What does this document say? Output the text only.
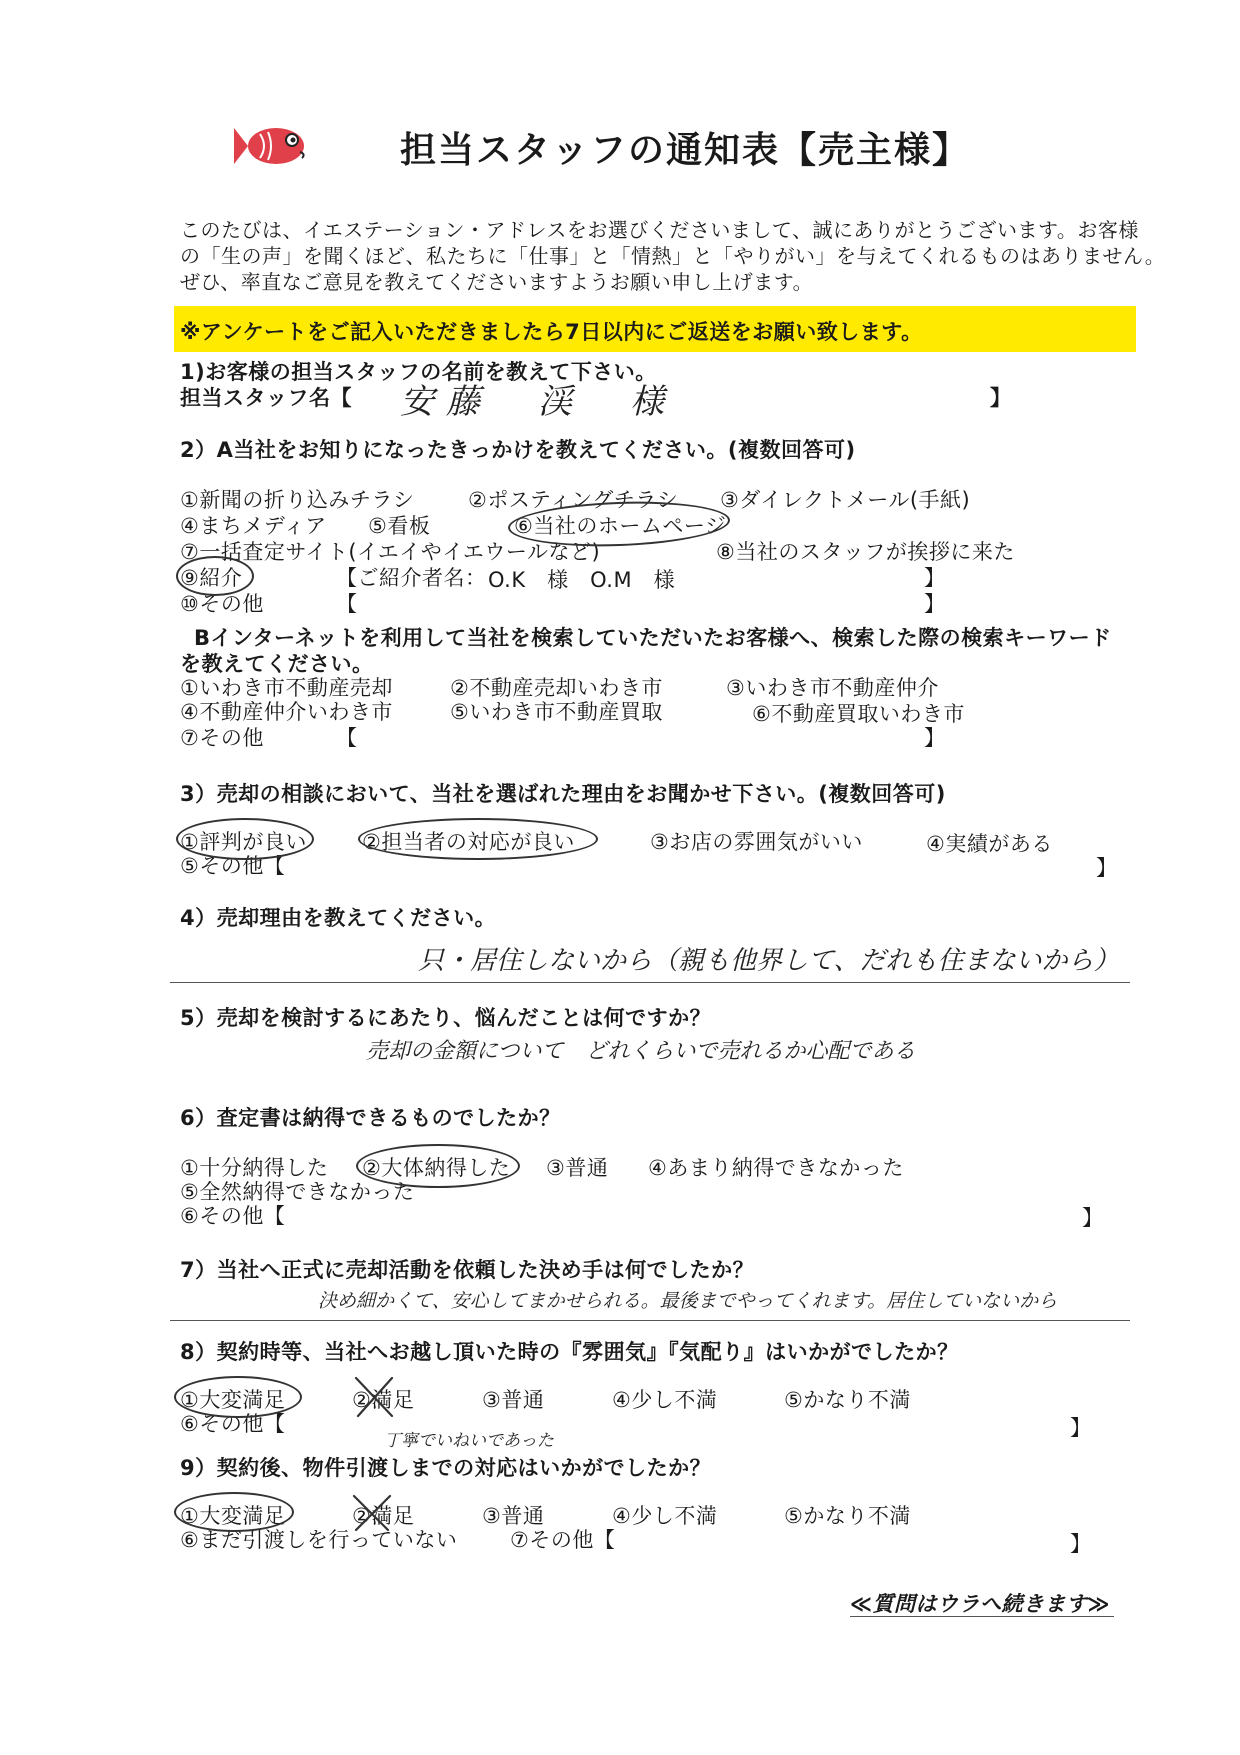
担当スタッフの通知表【売主様】
このたびは、イエステーション・アドレスをお選びくださいまして、誠にありがとうございます。お客様
の「生の声」を聞くほど、私たちに「仕事」と「情熱」と「やりがい」を与えてくれるものはありません。
ぜひ、率直なご意見を教えてくださいますようお願い申し上げます。
※アンケートをご記入いただきましたら7日以内にご返送をお願い致します。
1)お客様の担当スタッフの名前を教えて下さい。
担当スタッフ名【 安藤　渓　様	】
2）A当社をお知りになったきっかけを教えてください。(複数回答可)
①新聞の折り込みチラシ	②ポスティングチラシ ③ダイレクトメール(手紙)
④まちメディア ⑤看板	⑥当社のホームページ
⑦一括査定サイト(イエイやイエウールなど)	⑧当社のスタッフが挨拶に来た
⑨紹介	【ご紹介者名： O.K　様　O.M　様	】
⑩その他	【	】
Bインターネットを利用して当社を検索していただいたお客様へ、検索した際の検索キーワード
を教えてください。
①いわき市不動産売却	②不動産売却いわき市	③いわき市不動産仲介
④不動産仲介いわき市	⑤いわき市不動産買取	⑥不動産買取いわき市
⑦その他	【	】
3）売却の相談において、当社を選ばれた理由をお聞かせ下さい。(複数回答可)
①評判が良い	②担当者の対応が良い	③お店の雰囲気がいい	④実績がある
⑤その他【	】
4）売却理由を教えてください。
只・居住しないから（親も他界して、だれも住まないから）
5）売却を検討するにあたり、悩んだことは何ですか？
売却の金額について　どれくらいで売れるか心配である
6）査定書は納得できるものでしたか？
①十分納得した ②大体納得した ③普通 ④あまり納得できなかった
⑤全然納得できなかった
⑥その他【	】
7）当社へ正式に売却活動を依頼した決め手は何でしたか？
決め細かくて、安心してまかせられる。最後までやってくれます。居住していないから
8）契約時等、当社へお越し頂いた時の『雰囲気』『気配り』はいかがでしたか？
①大変満足	②満足	③普通	④少し不満	⑤かなり不満
⑥その他【
丁寧でいねいであった
】
9）契約後、物件引渡しまでの対応はいかがでしたか？
①大変満足	②満足	③普通	④少し不満	⑤かなり不満
⑥まだ引渡しを行っていない	⑦その他【	】
≪質問はウラへ続きます≫
